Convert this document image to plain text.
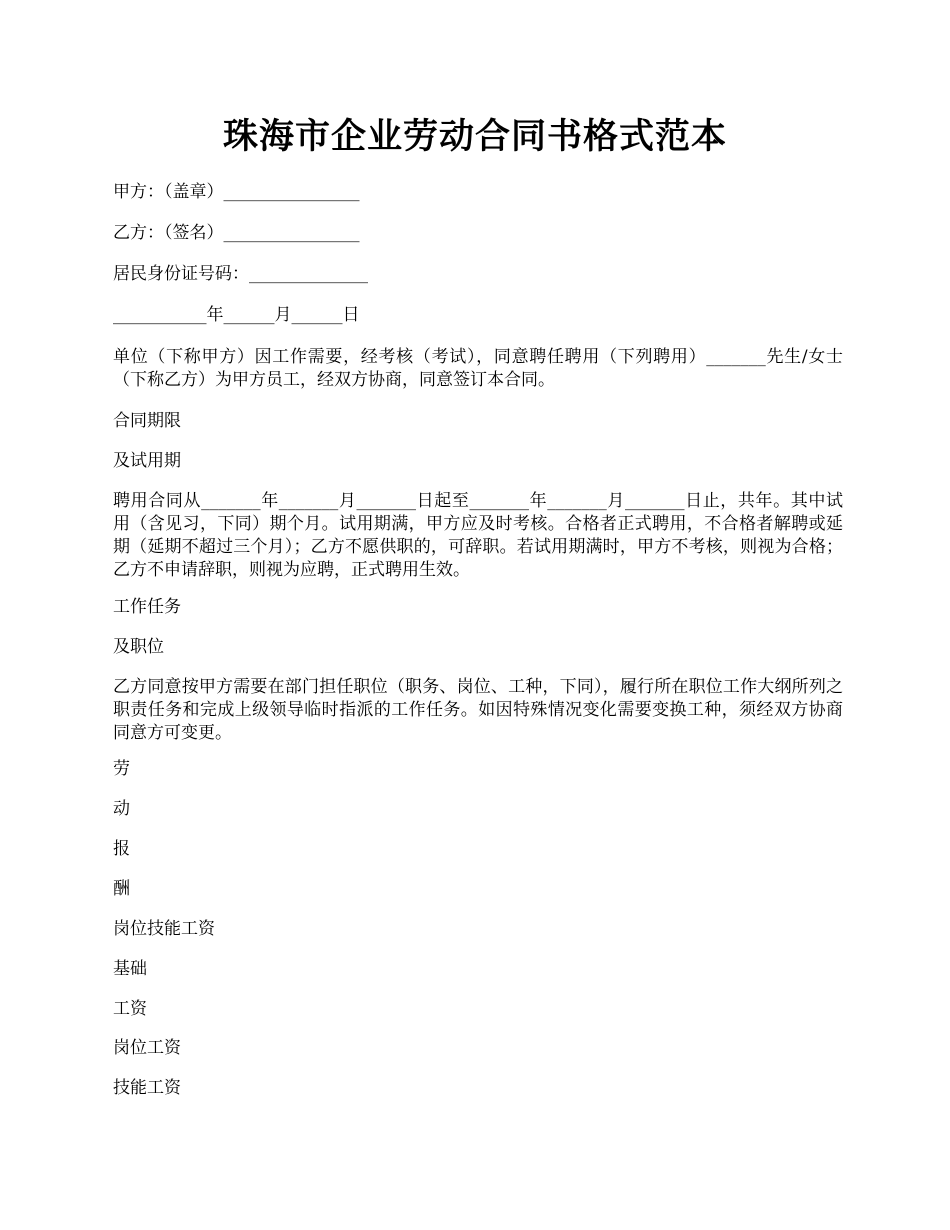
珠海市企业劳动合同书格式范本
甲方：（盖章）________________
乙方：（签名）________________
居民身份证号码：______________
___________年______月______日
单位（下称甲方）因工作需要，经考核（考试），同意聘任聘用（下列聘用）_______先生/女士（下称乙方）为甲方员工，经双方协商，同意签订本合同。
合同期限
及试用期
聘用合同从_______年_______月_______日起至_______年_______月_______日止，共年。其中试用（含见习，下同）期个月。试用期满，甲方应及时考核。合格者正式聘用，不合格者解聘或延期（延期不超过三个月）；乙方不愿供职的，可辞职。若试用期满时，甲方不考核，则视为合格；乙方不申请辞职，则视为应聘，正式聘用生效。
工作任务
及职位
乙方同意按甲方需要在部门担任职位（职务、岗位、工种，下同），履行所在职位工作大纲所列之职责任务和完成上级领导临时指派的工作任务。如因特殊情况变化需要变换工种，须经双方协商同意方可变更。
劳
动
报
酬
岗位技能工资
基础
工资
岗位工资
技能工资
